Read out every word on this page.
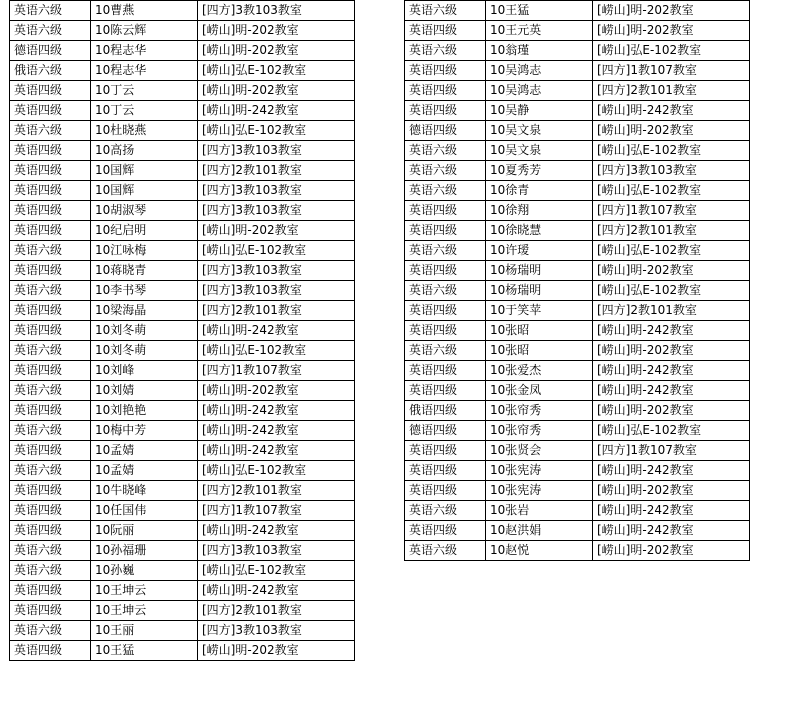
英语六级	10曹燕	[四方]3教103教室
英语六级	10陈云辉	[崂山]明-202教室
德语四级	10程志华	[崂山]明-202教室
俄语六级	10程志华	[崂山]弘E-102教室
英语四级	10丁云	[崂山]明-202教室
英语四级	10丁云	[崂山]明-242教室
英语六级	10杜晓燕	[崂山]弘E-102教室
英语四级	10高扬	[四方]3教103教室
英语四级	10国辉	[四方]2教101教室
英语四级	10国辉	[四方]3教103教室
英语四级	10胡淑琴	[四方]3教103教室
英语四级	10纪启明	[崂山]明-202教室
英语六级	10江咏梅	[崂山]弘E-102教室
英语四级	10蒋晓青	[四方]3教103教室
英语六级	10李书琴	[四方]3教103教室
英语四级	10梁海晶	[四方]2教101教室
英语四级	10刘冬萌	[崂山]明-242教室
英语六级	10刘冬萌	[崂山]弘E-102教室
英语四级	10刘峰	[四方]1教107教室
英语六级	10刘婧	[崂山]明-202教室
英语四级	10刘艳艳	[崂山]明-242教室
英语六级	10梅中芳	[崂山]明-242教室
英语四级	10孟婧	[崂山]明-242教室
英语六级	10孟婧	[崂山]弘E-102教室
英语四级	10牛晓峰	[四方]2教101教室
英语四级	10任国伟	[四方]1教107教室
英语四级	10阮丽	[崂山]明-242教室
英语六级	10孙福珊	[四方]3教103教室
英语六级	10孙巍	[崂山]弘E-102教室
英语四级	10王坤云	[崂山]明-242教室
英语四级	10王坤云	[四方]2教101教室
英语六级	10王丽	[四方]3教103教室
英语四级	10王猛	[崂山]明-202教室
英语六级	10王猛	[崂山]明-202教室
英语四级	10王元英	[崂山]明-202教室
英语六级	10翁瑾	[崂山]弘E-102教室
英语四级	10吴鸿志	[四方]1教107教室
英语四级	10吴鸿志	[四方]2教101教室
英语四级	10吴静	[崂山]明-242教室
德语四级	10吴文泉	[崂山]明-202教室
英语六级	10吴文泉	[崂山]弘E-102教室
英语六级	10夏秀芳	[四方]3教103教室
英语六级	10徐青	[崂山]弘E-102教室
英语四级	10徐翔	[四方]1教107教室
英语四级	10徐晓慧	[四方]2教101教室
英语六级	10许瑷	[崂山]弘E-102教室
英语四级	10杨瑞明	[崂山]明-202教室
英语六级	10杨瑞明	[崂山]弘E-102教室
英语四级	10于笑苹	[四方]2教101教室
英语四级	10张昭	[崂山]明-242教室
英语六级	10张昭	[崂山]明-202教室
英语四级	10张爱杰	[崂山]明-242教室
英语四级	10张金凤	[崂山]明-242教室
俄语四级	10张帘秀	[崂山]明-202教室
德语四级	10张帘秀	[崂山]弘E-102教室
英语四级	10张贤会	[四方]1教107教室
英语四级	10张宪涛	[崂山]明-242教室
英语四级	10张宪涛	[崂山]明-202教室
英语六级	10张岩	[崂山]明-242教室
英语四级	10赵洪娟	[崂山]明-242教室
英语六级	10赵悦	[崂山]明-202教室
